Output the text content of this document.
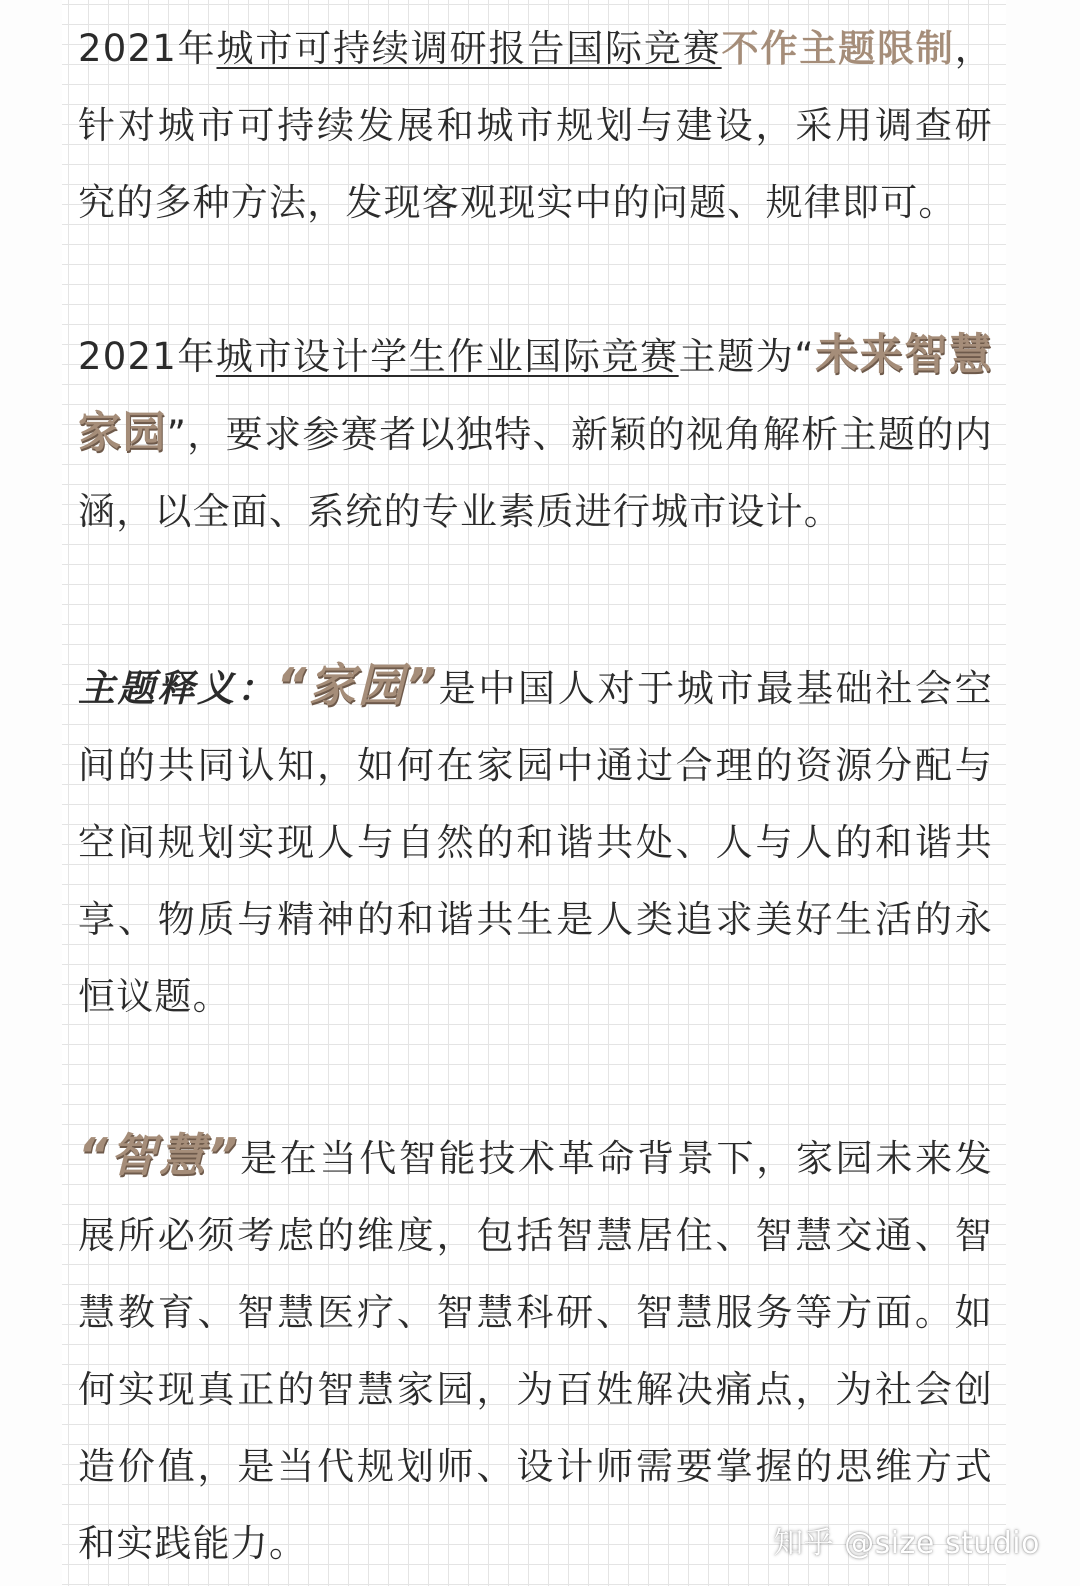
2021年城市可持续调研报告国际竞赛不作主题限制，针对城市可持续发展和城市规划与建设，采用调查研究的多种方法，发现客观现实中的问题、规律即可。

2021年城市设计学生作业国际竞赛主题为“未来智慧家园”，要求参赛者以独特、新颖的视角解析主题的内涵，以全面、系统的专业素质进行城市设计。

主题释义：“家园”是中国人对于城市最基础社会空间的共同认知，如何在家园中通过合理的资源分配与空间规划实现人与自然的和谐共处、人与人的和谐共享、物质与精神的和谐共生是人类追求美好生活的永恒议题。

“智慧”是在当代智能技术革命背景下，家园未来发展所必须考虑的维度，包括智慧居住、智慧交通、智慧教育、智慧医疗、智慧科研、智慧服务等方面。如何实现真正的智慧家园，为百姓解决痛点，为社会创造价值，是当代规划师、设计师需要掌握的思维方式和实践能力。	知乎 @size studio
